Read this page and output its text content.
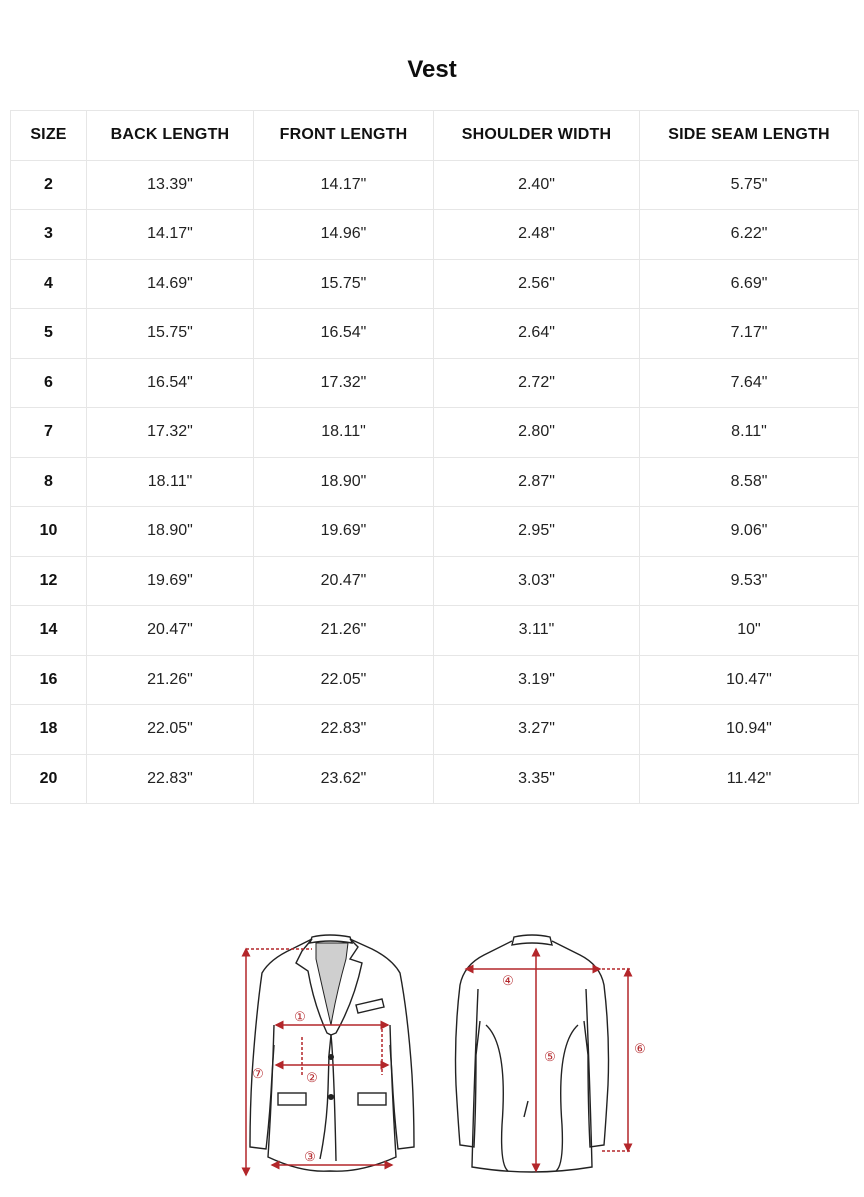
Vest
SIZE	BACK LENGTH	FRONT LENGTH	SHOULDER WIDTH	SIDE SEAM LENGTH
2	13.39"	14.17"	2.40"	5.75"
3	14.17"	14.96"	2.48"	6.22"
4	14.69"	15.75"	2.56"	6.69"
5	15.75"	16.54"	2.64"	7.17"
6	16.54"	17.32"	2.72"	7.64"
7	17.32"	18.11"	2.80"	8.11"
8	18.11"	18.90"	2.87"	8.58"
10	18.90"	19.69"	2.95"	9.06"
12	19.69"	20.47"	3.03"	9.53"
14	20.47"	21.26"	3.11"	10"
16	21.26"	22.05"	3.19"	10.47"
18	22.05"	22.83"	3.27"	10.94"
20	22.83"	23.62"	3.35"	11.42"
①
②
③
⑦
④
⑤
⑥
